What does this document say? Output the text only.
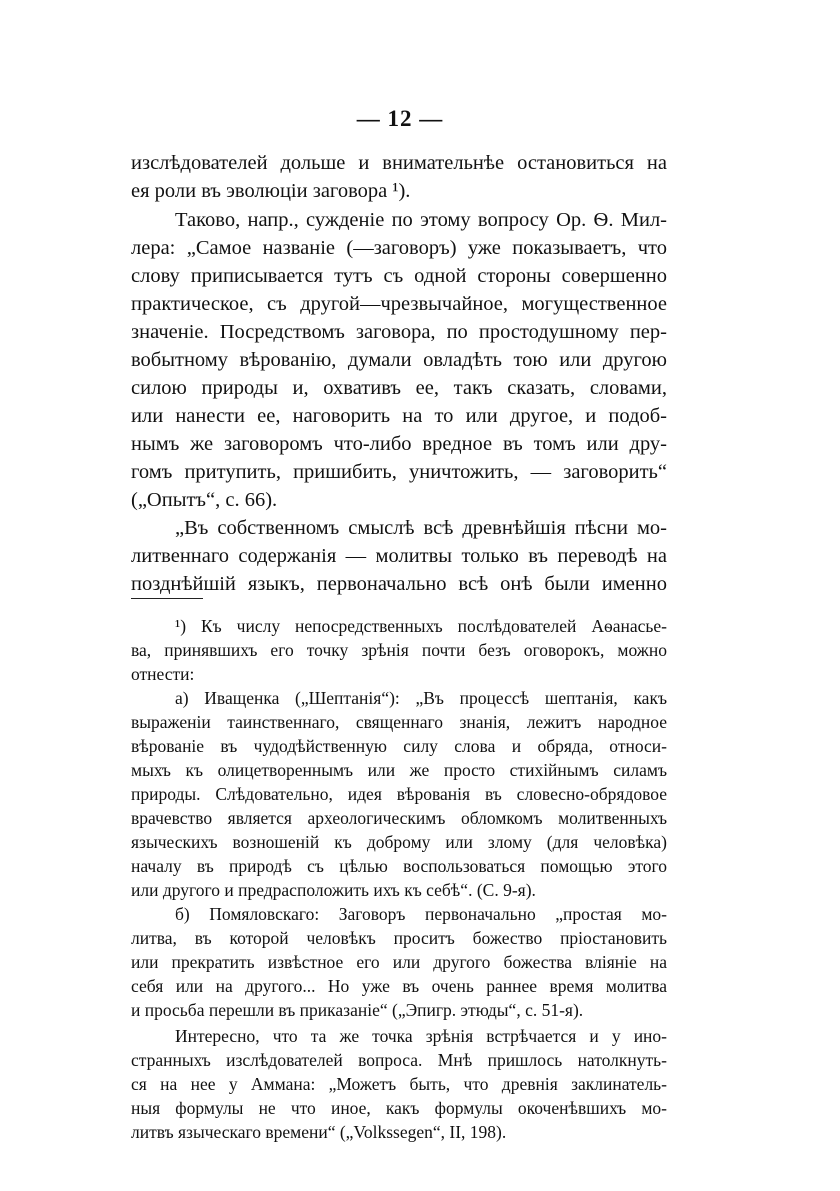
— 12 —
изслѣдователей дольше и внимательнѣе остановиться на
ея роли въ эволюціи заговора ¹).
Таково, напр., сужденіе по этому вопросу Ор. Ѳ. Мил-
лера: „Самое названіе (—заговоръ) уже показываетъ, что
слову приписывается тутъ съ одной стороны совершенно
практическое, съ другой—чрезвычайное, могущественное
значеніе. Посредствомъ заговора, по простодушному пер-
вобытному вѣрованію, думали овладѣть тою или другою
силою природы и, охвативъ ее, такъ сказать, словами,
или нанести ее, наговорить на то или другое, и подоб-
нымъ же заговоромъ что-либо вредное въ томъ или дру-
гомъ притупить, пришибить, уничтожить, — заговорить“
(„Опытъ“, с. 66).
„Въ собственномъ смыслѣ всѣ древнѣйшія пѣсни мо-
литвеннаго содержанія — молитвы только въ переводѣ на
позднѣйшій языкъ, первоначально всѣ онѣ были именно
¹) Къ числу непосредственныхъ послѣдователей Аѳанасье-
ва, принявшихъ его точку зрѣнія почти безъ оговорокъ, можно
отнести:
а) Иващенка („Шептанія“): „Въ процессѣ шептанія, какъ
выраженіи таинственнаго, священнаго знанія, лежитъ народное
вѣрованіе въ чудодѣйственную силу слова и обряда, относи-
мыхъ къ олицетвореннымъ или же просто стихійнымъ силамъ
природы. Слѣдовательно, идея вѣрованія въ словесно-обрядовое
врачевство является археологическимъ обломкомъ молитвенныхъ
языческихъ возношеній къ доброму или злому (для человѣка)
началу въ природѣ съ цѣлью воспользоваться помощью этого
или другого и предрасположить ихъ къ себѣ“. (С. 9-я).
б) Помяловскаго: Заговоръ первоначально „простая мо-
литва, въ которой человѣкъ проситъ божество пріостановить
или прекратить извѣстное его или другого божества вліяніе на
себя или на другого... Но уже въ очень раннее время молитва
и просьба перешли въ приказаніе“ („Эпигр. этюды“, с. 51-я).
Интересно, что та же точка зрѣнія встрѣчается и у ино-
странныхъ изслѣдователей вопроса. Мнѣ пришлось натолкнуть-
ся на нее у Аммана: „Можетъ быть, что древнія заклинатель-
ныя формулы не что иное, какъ формулы окоченѣвшихъ мо-
литвъ языческаго времени“ („Volkssegen“, II, 198).
